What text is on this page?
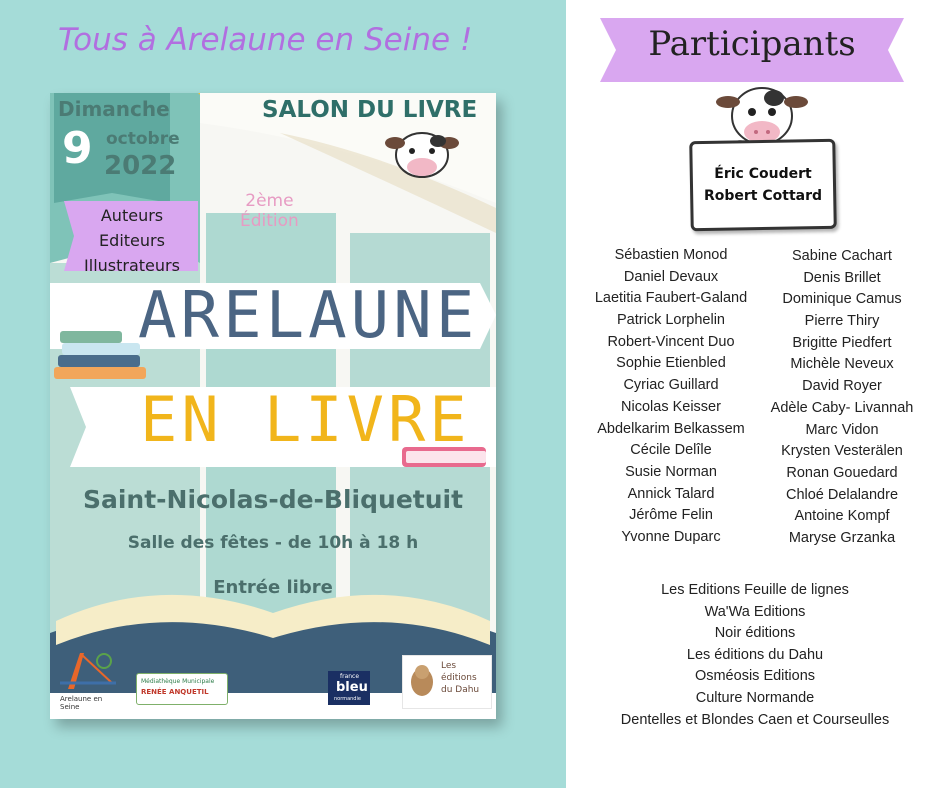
Tous à Arelaune en Seine !
Dimanche
9 octobre
2022
SALON DU LIVRE
2ème
Édition
Auteurs
Editeurs
Illustrateurs
ARELAUNE
EN LIVRE
Saint-Nicolas-de-Bliquetuit
Salle des fêtes - de 10h à 18 h
Entrée libre
Arelaune en Seine
Médiathèque Municipale
RENÉE ANQUETIL
france
bleu
normandie
Les
éditions
du Dahu
Participants
Éric Coudert
Robert Cottard
Sébastien Monod
Daniel Devaux
Laetitia Faubert-Galand
Patrick Lorphelin
Robert-Vincent Duo
Sophie Etienbled
Cyriac Guillard
Nicolas Keisser
Abdelkarim Belkassem
Cécile Delîle
Susie Norman
Annick Talard
Jérôme Felin
Yvonne Duparc
Sabine Cachart
Denis Brillet
Dominique Camus
Pierre Thiry
Brigitte Piedfert
Michèle Neveux
David Royer
Adèle Caby- Livannah
Marc Vidon
Krysten Vesterälen
Ronan Gouedard
Chloé Delalandre
Antoine Kompf
Maryse Grzanka
Les Editions Feuille de lignes
Wa'Wa Editions
Noir éditions
Les éditions du Dahu
Osméosis Editions
Culture Normande
Dentelles et Blondes Caen et Courseulles
